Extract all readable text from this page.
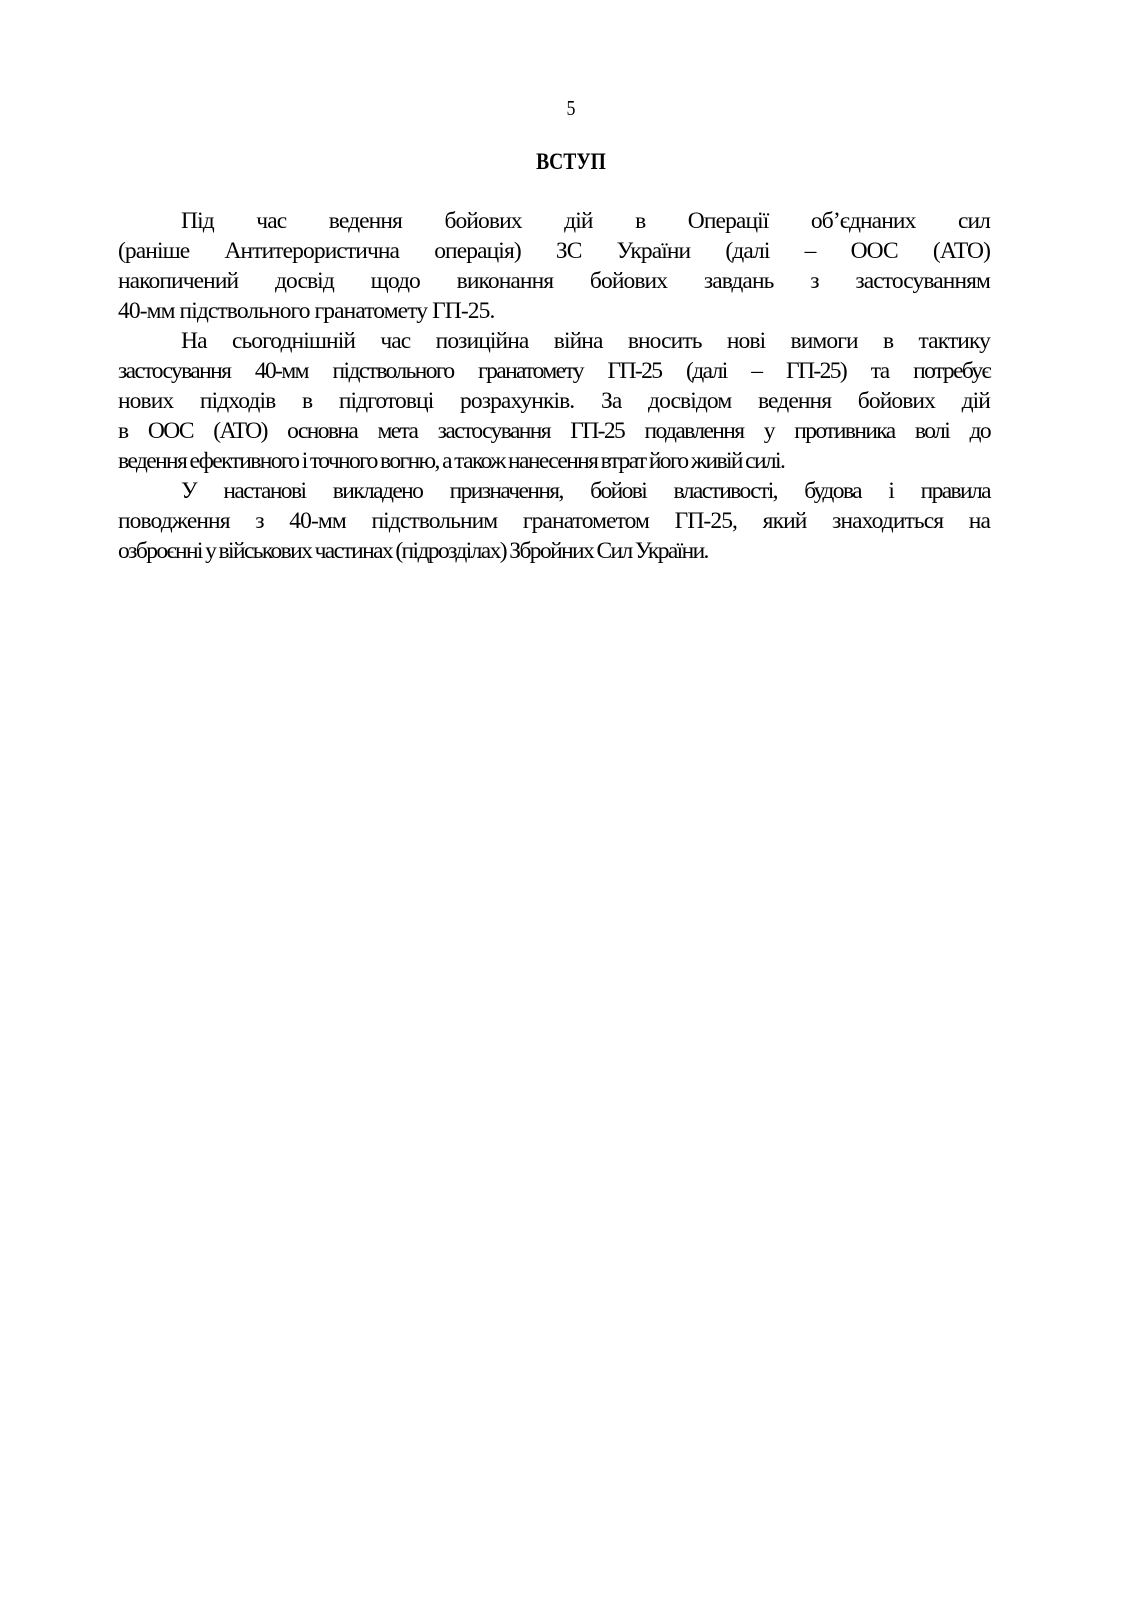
5
ВСТУП
Під час ведення бойових дій в Операції об’єднаних сил
(раніше Антитерористична операція) ЗС України (далі – ООС (АТО)
накопичений досвід щодо виконання бойових завдань з застосуванням
40-мм підствольного гранатомету ГП-25.
На сьогоднішній час позиційна війна вносить нові вимоги в тактику
застосування 40-мм підствольного гранатомету ГП-25 (далі – ГП-25) та потребує
нових підходів в підготовці розрахунків. За досвідом ведення бойових дій
в ООС (АТО) основна мета застосування ГП-25 подавлення у противника волі до
ведення ефективного і точного вогню, а також нанесення втрат його живій силі.
У настанові викладено призначення, бойові властивості, будова і правила
поводження з 40-мм підствольним гранатометом ГП-25, який знаходиться на
озброєнні у військових частинах (підрозділах) Збройних Сил України.
